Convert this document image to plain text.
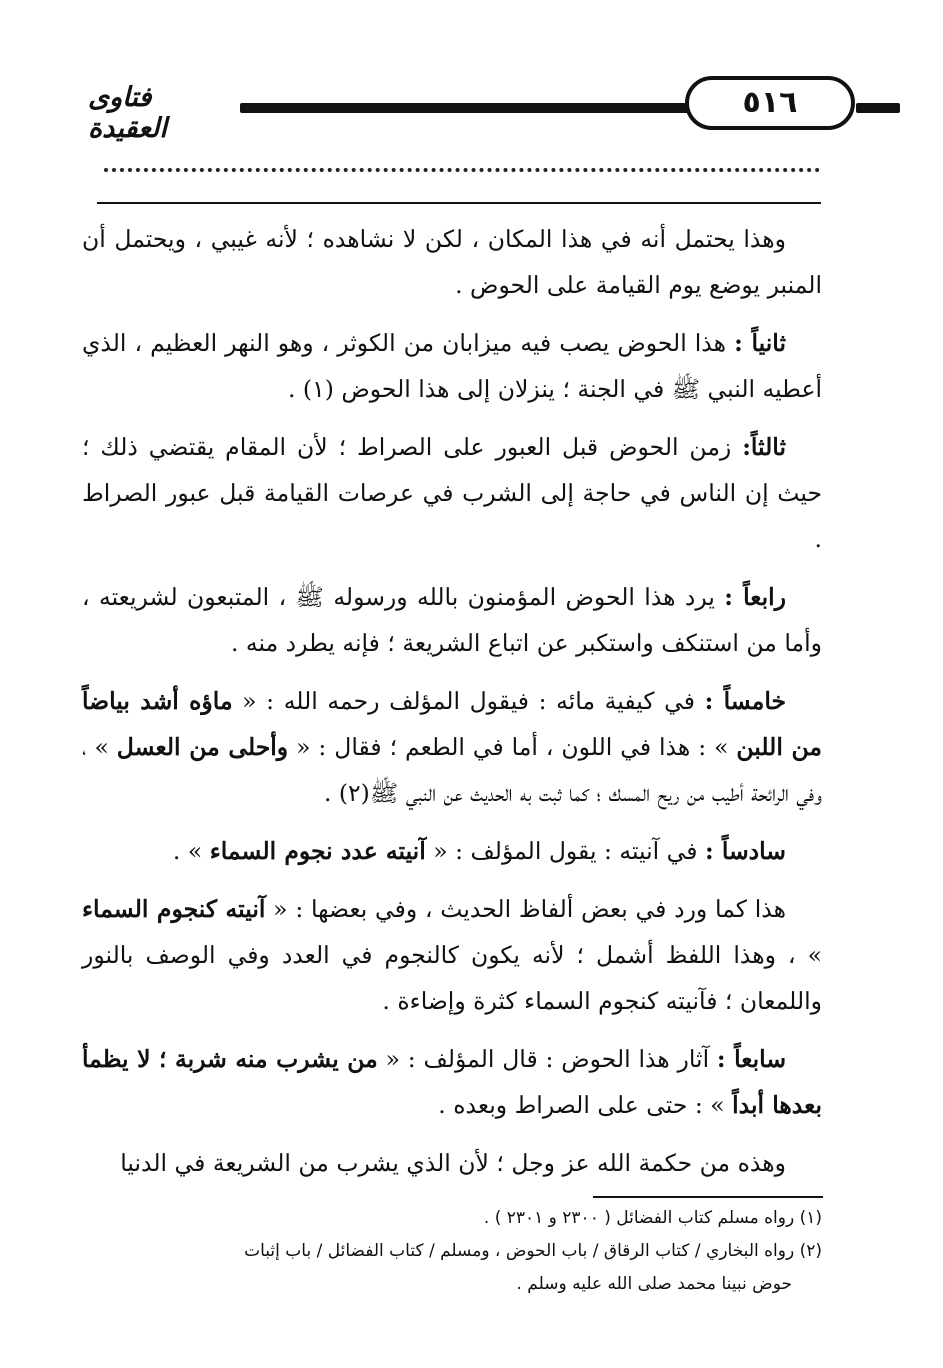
فتاوى العقيدة
٥١٦

وهذا يحتمل أنه في هذا المكان ، لكن لا نشاهده ؛ لأنه غيبي ، ويحتمل أن المنبر يوضع يوم القيامة على الحوض .

ثانياً : هذا الحوض يصب فيه ميزابان من الكوثر ، وهو النهر العظيم ، الذي أعطيه النبي ﷺ في الجنة ؛ ينزلان إلى هذا الحوض (١) .

ثالثاً: زمن الحوض قبل العبور على الصراط ؛ لأن المقام يقتضي ذلك ؛ حيث إن الناس في حاجة إلى الشرب في عرصات القيامة قبل عبور الصراط .

رابعاً : يرد هذا الحوض المؤمنون بالله ورسوله ﷺ ، المتبعون لشريعته ، وأما من استنكف واستكبر عن اتباع الشريعة ؛ فإنه يطرد منه .

خامساً : في كيفية مائه : فيقول المؤلف رحمه الله : « ماؤه أشد بياضاً من اللبن » : هذا في اللون ، أما في الطعم ؛ فقال : « وأحلى من العسل » ، وفي الرائحة أطيب من ريح المسك ؛ كما ثبت به الحديث عن النبي ﷺ(٢) .

سادساً : في آنيته : يقول المؤلف : « آنيته عدد نجوم السماء » .

هذا كما ورد في بعض ألفاظ الحديث ، وفي بعضها : « آنيته كنجوم السماء » ، وهذا اللفظ أشمل ؛ لأنه يكون كالنجوم في العدد وفي الوصف بالنور واللمعان ؛ فآنيته كنجوم السماء كثرة وإضاءة .

سابعاً : آثار هذا الحوض : قال المؤلف : « من يشرب منه شربة ؛ لا يظمأ بعدها أبداً » : حتى على الصراط وبعده .

وهذه من حكمة الله عز وجل ؛ لأن الذي يشرب من الشريعة في الدنيا

(١) رواه مسلم كتاب الفضائل ( ٢٣٠٠ و ٢٣٠١ ) .

(٢) رواه البخاري / كتاب الرقاق / باب الحوض ، ومسلم / كتاب الفضائل / باب إثبات

حوض نبينا محمد صلى الله عليه وسلم .
